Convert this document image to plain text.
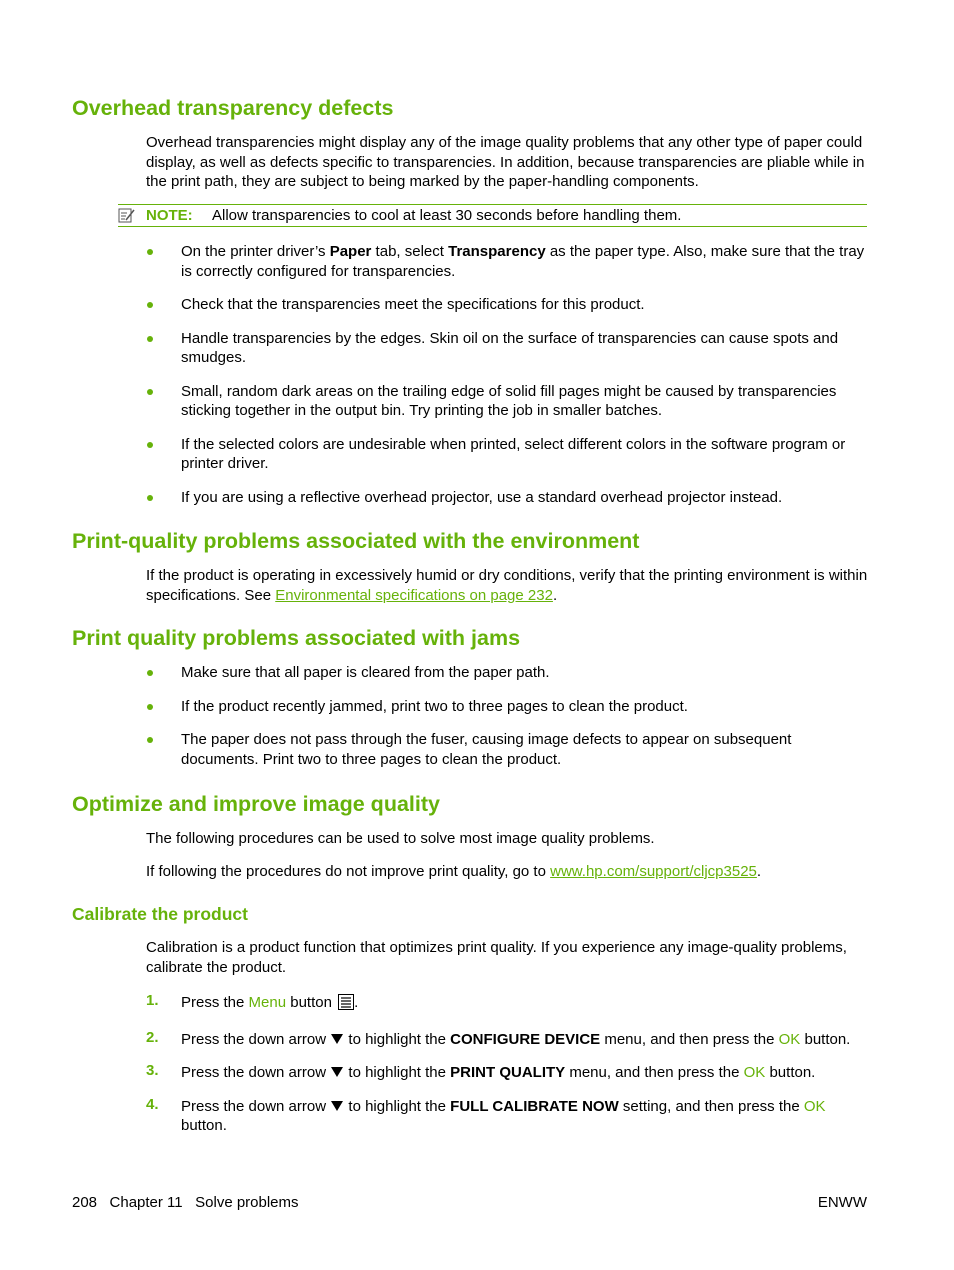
Overhead transparency defects

Overhead transparencies might display any of the image quality problems that any other type of paper could display, as well as defects specific to transparencies. In addition, because transparencies are pliable while in the print path, they are subject to being marked by the paper-handling components.

NOTE: Allow transparencies to cool at least 30 seconds before handling them.
On the printer driver’s Paper tab, select Transparency as the paper type. Also, make sure that the tray is correctly configured for transparencies.
Check that the transparencies meet the specifications for this product.
Handle transparencies by the edges. Skin oil on the surface of transparencies can cause spots and smudges.
Small, random dark areas on the trailing edge of solid fill pages might be caused by transparencies sticking together in the output bin. Try printing the job in smaller batches.
If the selected colors are undesirable when printed, select different colors in the software program or printer driver.
If you are using a reflective overhead projector, use a standard overhead projector instead.
Print-quality problems associated with the environment

If the product is operating in excessively humid or dry conditions, verify that the printing environment is within specifications. See Environmental specifications on page 232.

Print quality problems associated with jams
Make sure that all paper is cleared from the paper path.
If the product recently jammed, print two to three pages to clean the product.
The paper does not pass through the fuser, causing image defects to appear on subsequent documents. Print two to three pages to clean the product.
Optimize and improve image quality

The following procedures can be used to solve most image quality problems.

If following the procedures do not improve print quality, go to www.hp.com/support/cljcp3525.

Calibrate the product

Calibration is a product function that optimizes print quality. If you experience any image-quality problems, calibrate the product.

1. Press the Menu button .
2. Press the down arrow  to highlight the CONFIGURE DEVICE menu, and then press the OK button.
3. Press the down arrow  to highlight the PRINT QUALITY menu, and then press the OK button.
4. Press the down arrow  to highlight the FULL CALIBRATE NOW setting, and then press the OK button.
208   Chapter 11   Solve problems	ENWW
